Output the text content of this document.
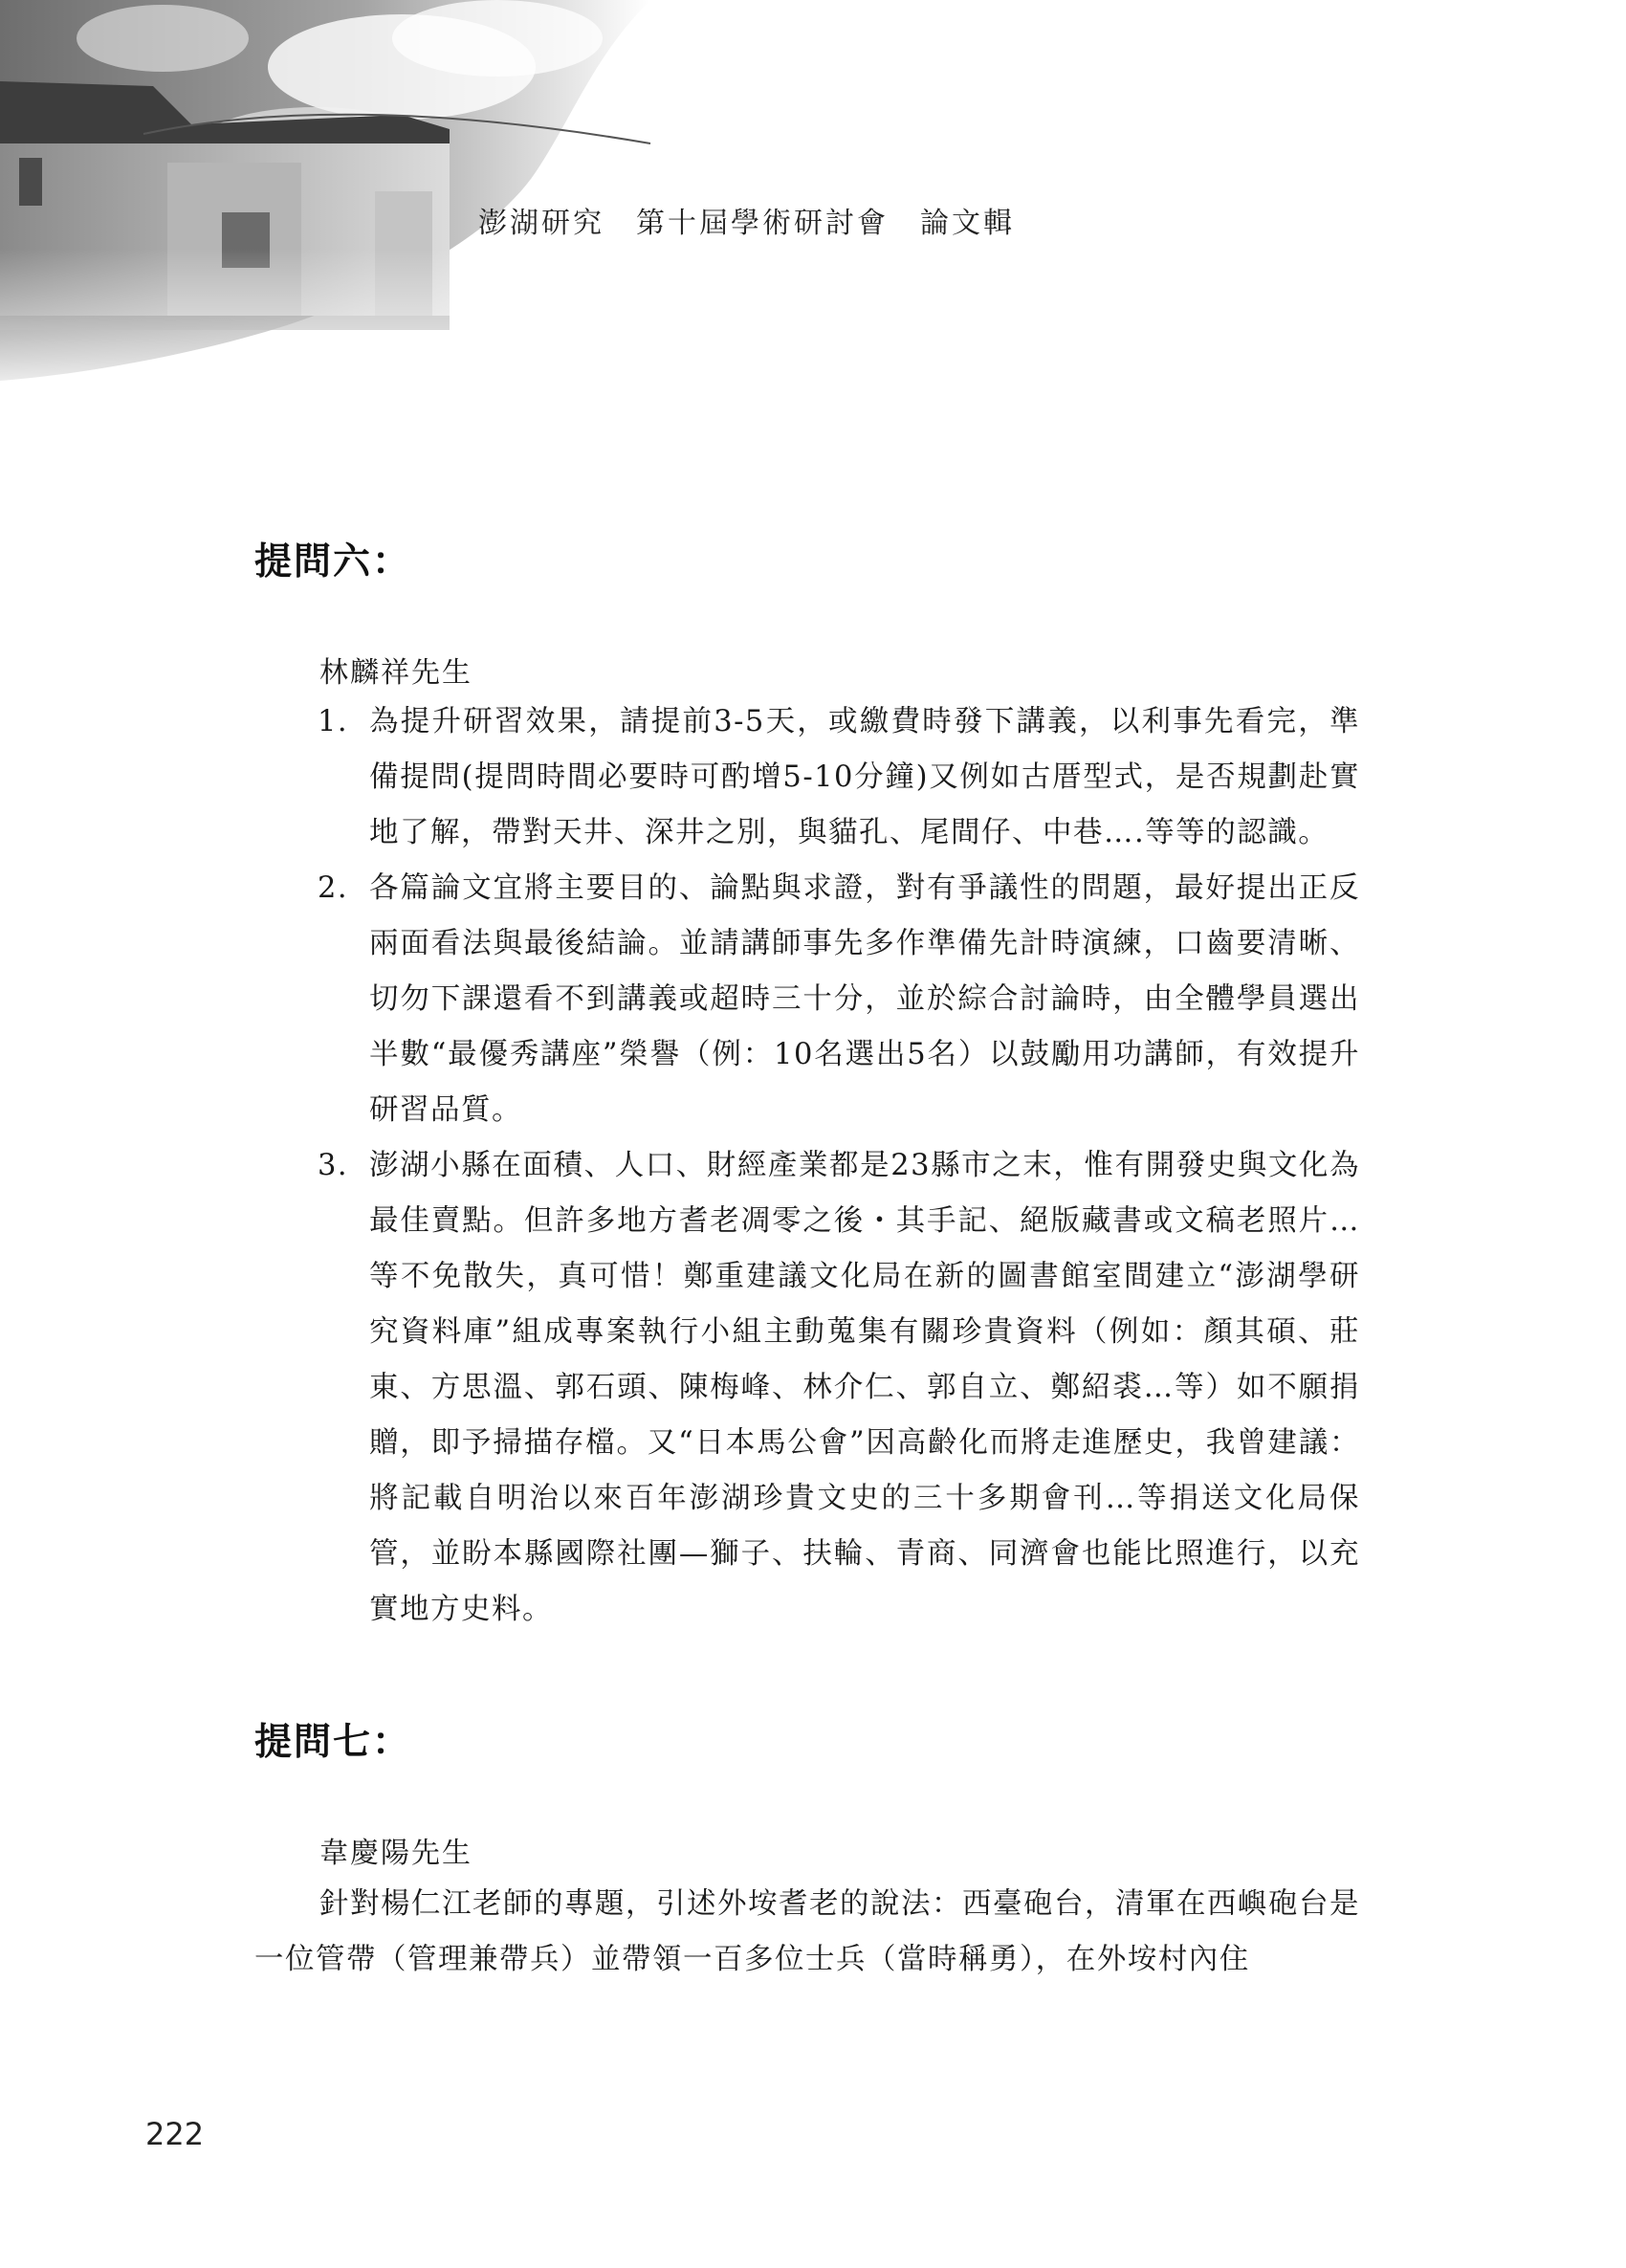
澎湖研究　第十屆學術研討會　論文輯
提問六：
林麟祥先生
1. 為提升研習效果，請提前3-5天，或繳費時發下講義，以利事先看完，準備提問(提問時間必要時可酌增5-10分鐘)又例如古厝型式，是否規劃赴實地了解，帶對天井、深井之別，與貓孔、尾間仔、中巷….等等的認識。
2. 各篇論文宜將主要目的、論點與求證，對有爭議性的問題，最好提出正反兩面看法與最後結論。並請講師事先多作準備先計時演練，口齒要清晰、切勿下課還看不到講義或超時三十分，並於綜合討論時，由全體學員選出半數“最優秀講座”榮譽（例：10名選出5名）以鼓勵用功講師，有效提升研習品質。
3. 澎湖小縣在面積、人口、財經產業都是23縣市之末，惟有開發史與文化為最佳賣點。但許多地方耆老凋零之後・其手記、絕版藏書或文稿老照片…等不免散失，真可惜！鄭重建議文化局在新的圖書館室間建立“澎湖學研究資料庫”組成專案執行小組主動蒐集有關珍貴資料（例如：顏其碩、莊東、方思溫、郭石頭、陳梅峰、林介仁、郭自立、鄭紹裘…等）如不願捐贈，即予掃描存檔。又“日本馬公會”因高齡化而將走進歷史，我曾建議：將記載自明治以來百年澎湖珍貴文史的三十多期會刊…等捐送文化局保管，並盼本縣國際社團—獅子、扶輪、青商、同濟會也能比照進行，以充實地方史料。
提問七：
韋慶陽先生

針對楊仁江老師的專題，引述外垵耆老的說法：西臺砲台，清軍在西嶼砲台是一位管帶（管理兼帶兵）並帶領一百多位士兵（當時稱勇），在外垵村內住

222
